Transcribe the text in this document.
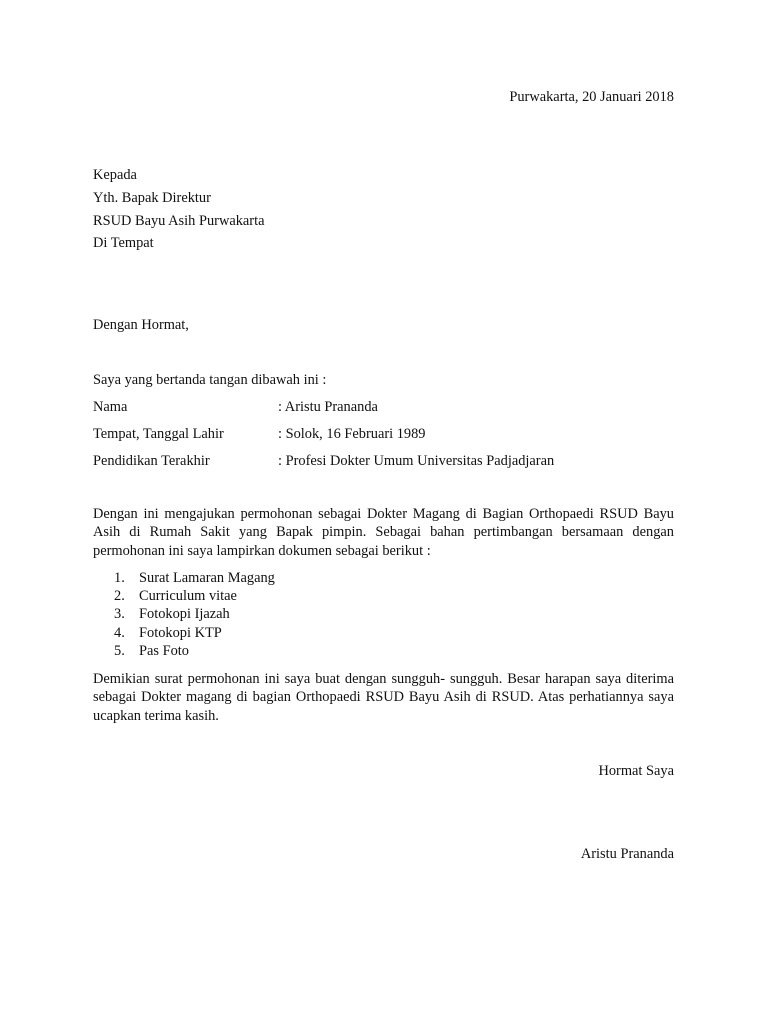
Purwakarta, 20 Januari 2018
Kepada
Yth. Bapak Direktur
RSUD Bayu Asih Purwakarta
Di Tempat
Dengan Hormat,
Saya yang bertanda tangan dibawah ini :
Nama	: Aristu Prananda
Tempat, Tanggal Lahir	: Solok, 16 Februari 1989
Pendidikan Terakhir	: Profesi Dokter Umum Universitas Padjadjaran
Dengan ini mengajukan permohonan sebagai Dokter Magang di Bagian Orthopaedi RSUD Bayu Asih di Rumah Sakit yang Bapak pimpin. Sebagai bahan pertimbangan bersamaan dengan permohonan ini saya lampirkan dokumen sebagai berikut :
1. Surat Lamaran Magang
2. Curriculum vitae
3. Fotokopi Ijazah
4. Fotokopi KTP
5. Pas Foto
Demikian surat permohonan ini saya buat dengan sungguh- sungguh. Besar harapan saya diterima sebagai Dokter magang di bagian Orthopaedi RSUD Bayu Asih di RSUD. Atas perhatiannya saya ucapkan terima kasih.
Hormat Saya
Aristu Prananda
